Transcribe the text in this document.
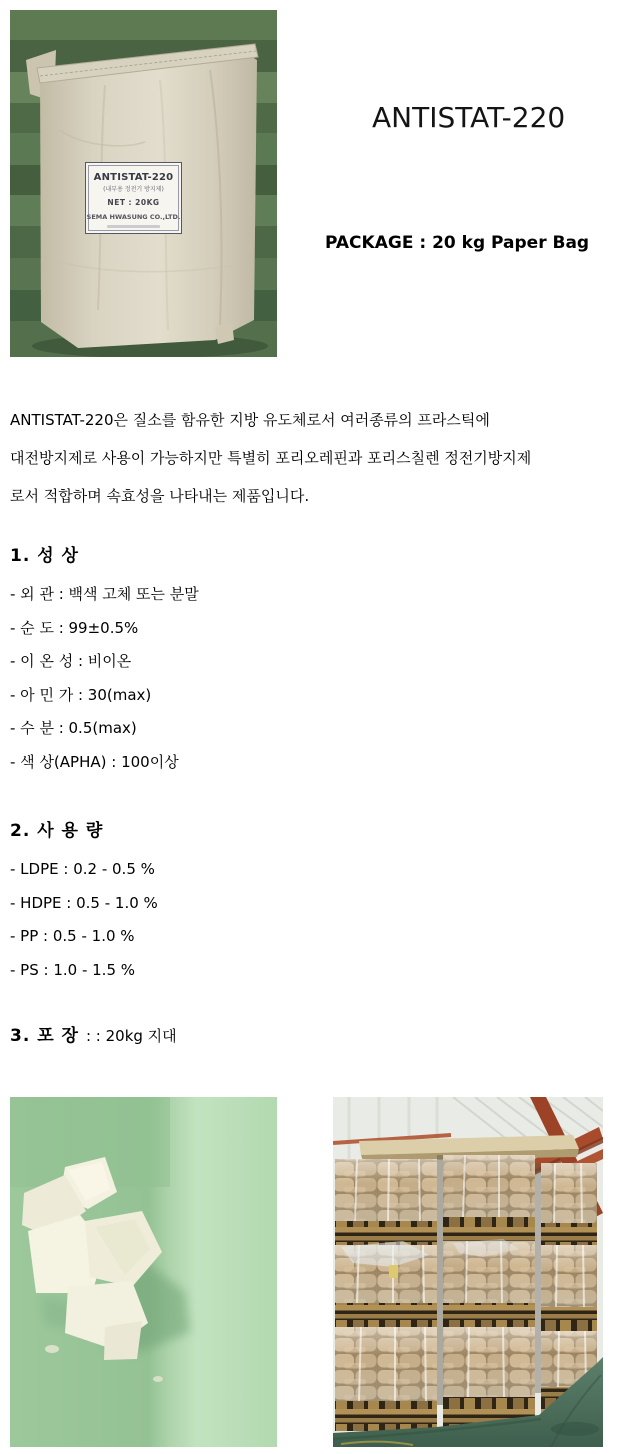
ANTISTAT-220
(내부용 정전기 방지제)
NET : 20KG
SEMA HWASUNG CO.,LTD.
ANTISTAT-220
PACKAGE : 20 kg Paper Bag

ANTISTAT-220은 질소를 함유한 지방 유도체로서 여러종류의 프라스틱에

대전방지제로 사용이 가능하지만 특별히 포리오레핀과 포리스칠렌 정전기방지제

로서 적합하며 속효성을 나타내는 제품입니다.

1. 성 상
- 외 관 : 백색 고체 또는 분말
- 순 도 : 99±0.5%
- 이 온 성 : 비이온
- 아 민 가 : 30(max)
- 수 분 : 0.5(max)
- 색 상(APHA) : 100이상
2. 사 용 량
- LDPE : 0.2 - 0.5 %
- HDPE : 0.5 - 1.0 %
- PP : 0.5 - 1.0 %
- PS : 1.0 - 1.5 %
3. 포 장 : : 20kg 지대
